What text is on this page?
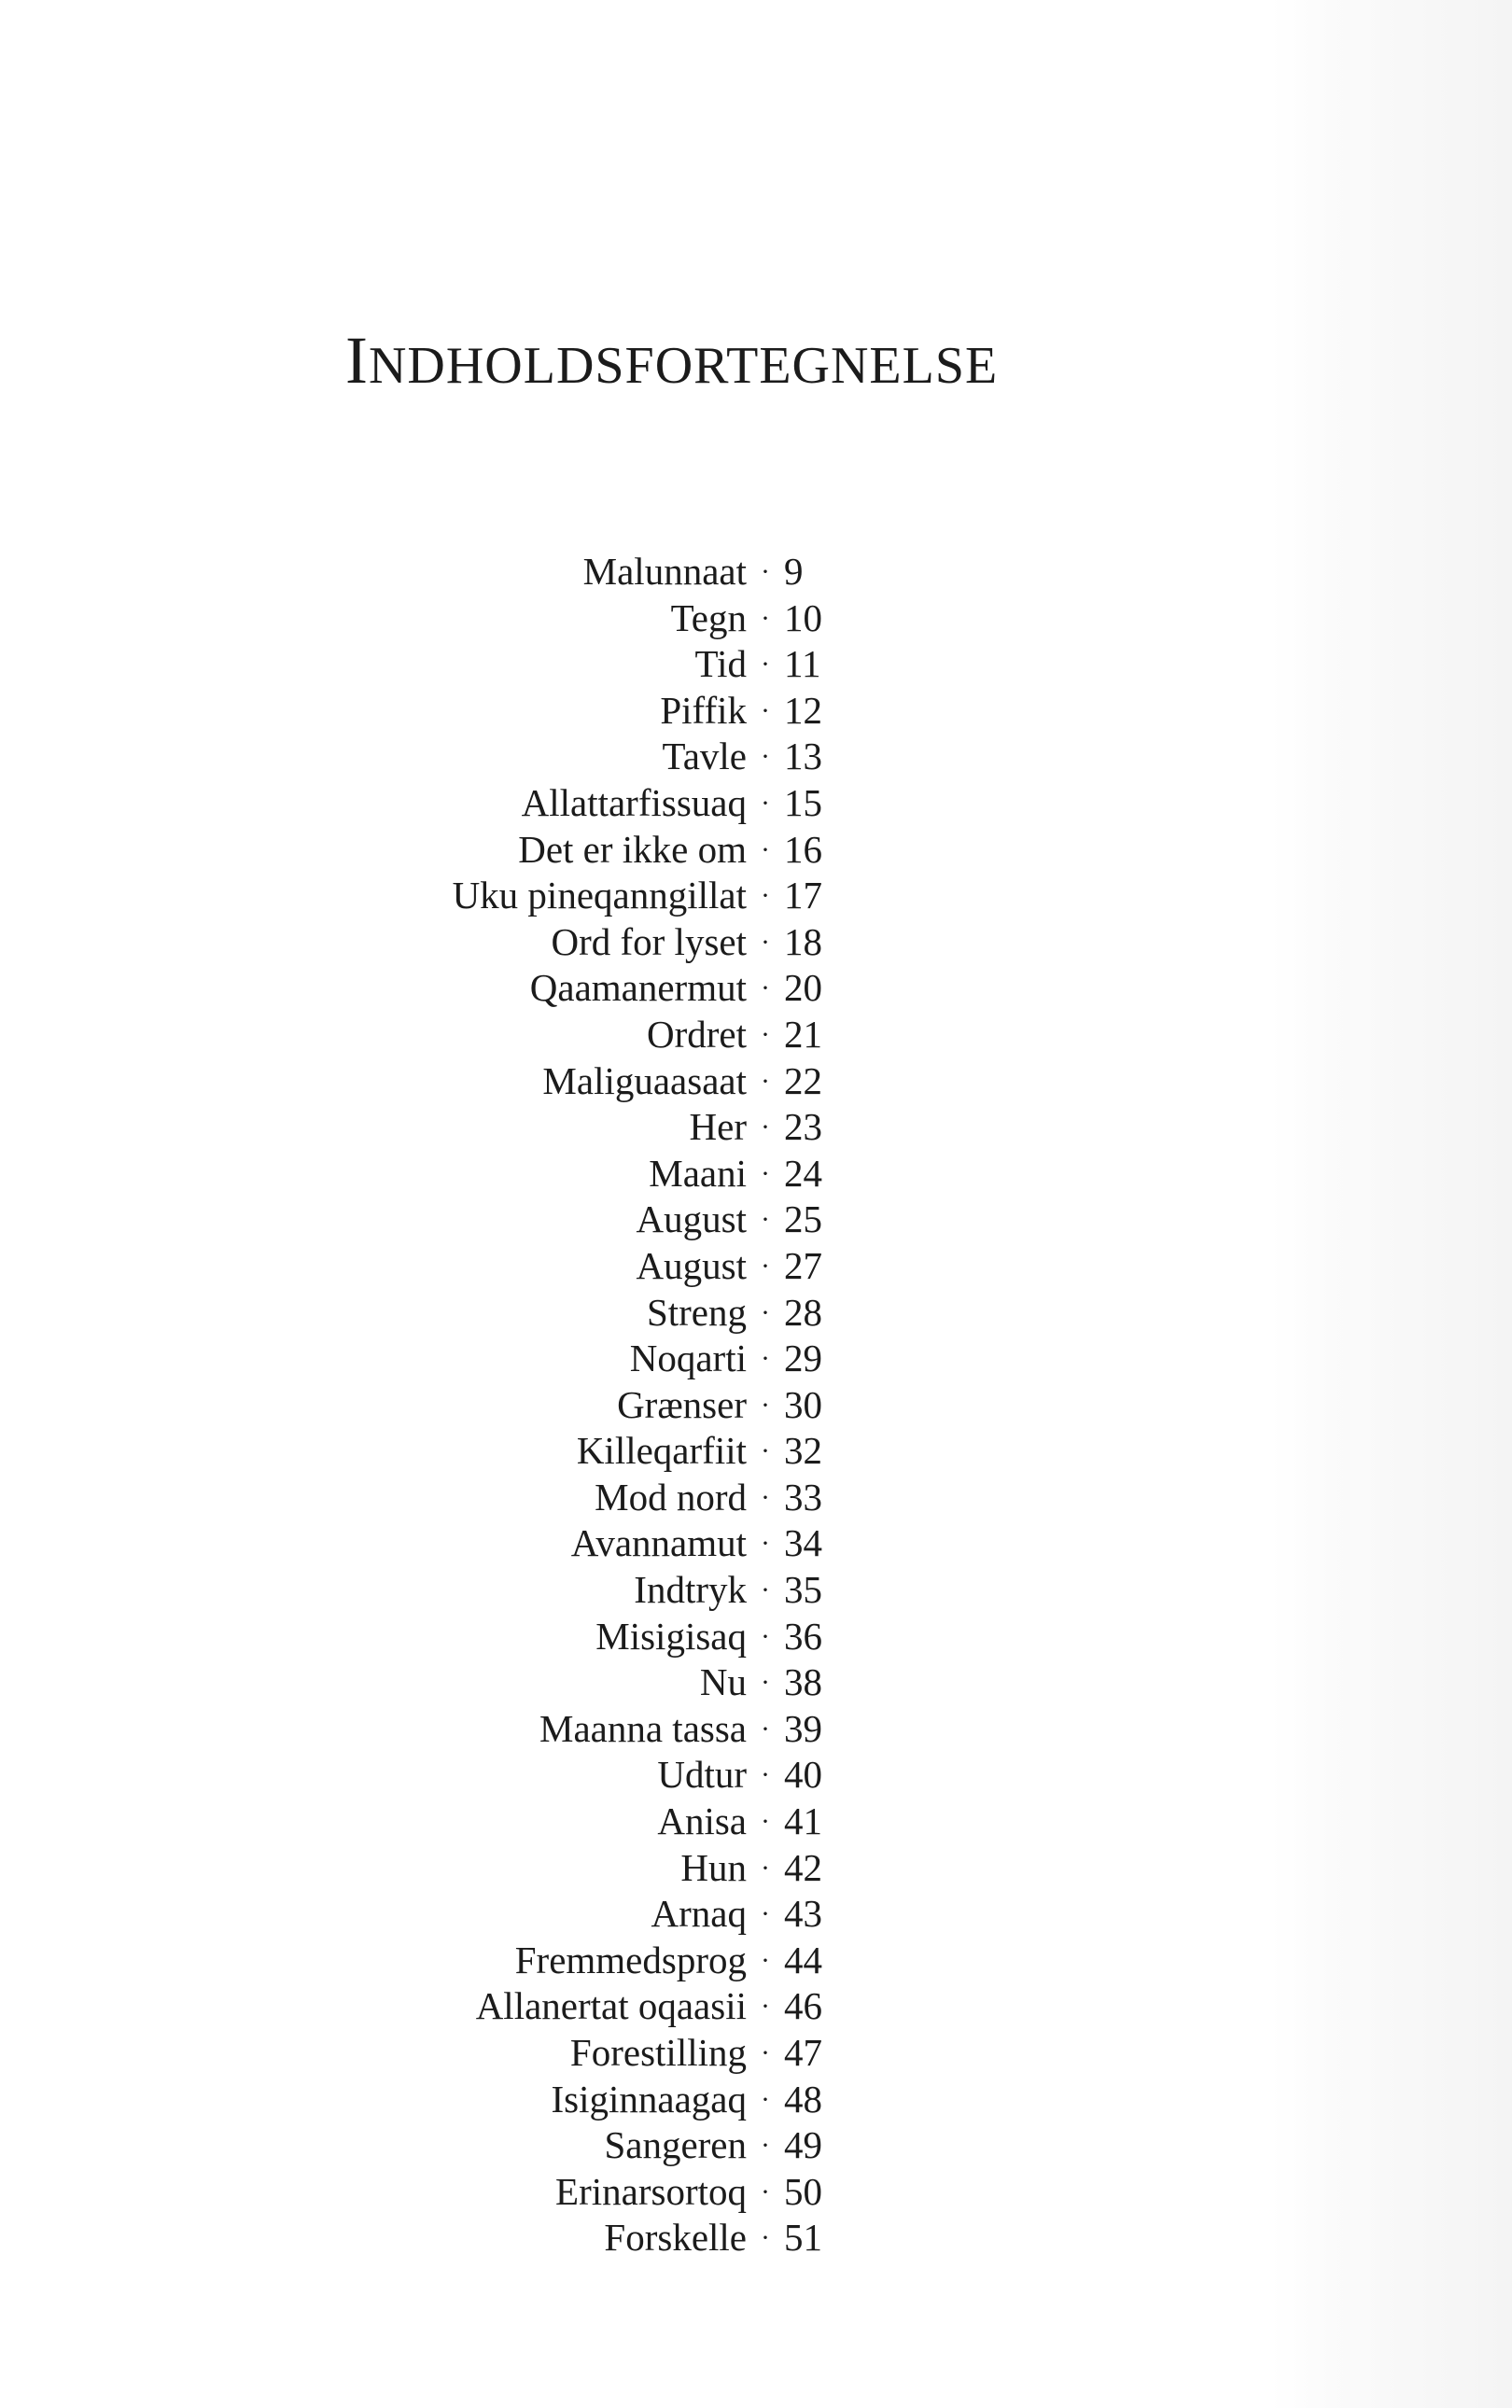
INDHOLDSFORTEGNELSE
Malunnaat · 9
Tegn · 10
Tid · 11
Piffik · 12
Tavle · 13
Allattarfissuaq · 15
Det er ikke om · 16
Uku pineqanngillat · 17
Ord for lyset · 18
Qaamanermut · 20
Ordret · 21
Maliguaasaat · 22
Her · 23
Maani · 24
August · 25
August · 27
Streng · 28
Noqarti · 29
Grænser · 30
Killeqarfiit · 32
Mod nord · 33
Avannamut · 34
Indtryk · 35
Misigisaq · 36
Nu · 38
Maanna tassa · 39
Udtur · 40
Anisa · 41
Hun · 42
Arnaq · 43
Fremmedsprog · 44
Allanertat oqaasii · 46
Forestilling · 47
Isiginnaagaq · 48
Sangeren · 49
Erinarsortoq · 50
Forskelle · 51
